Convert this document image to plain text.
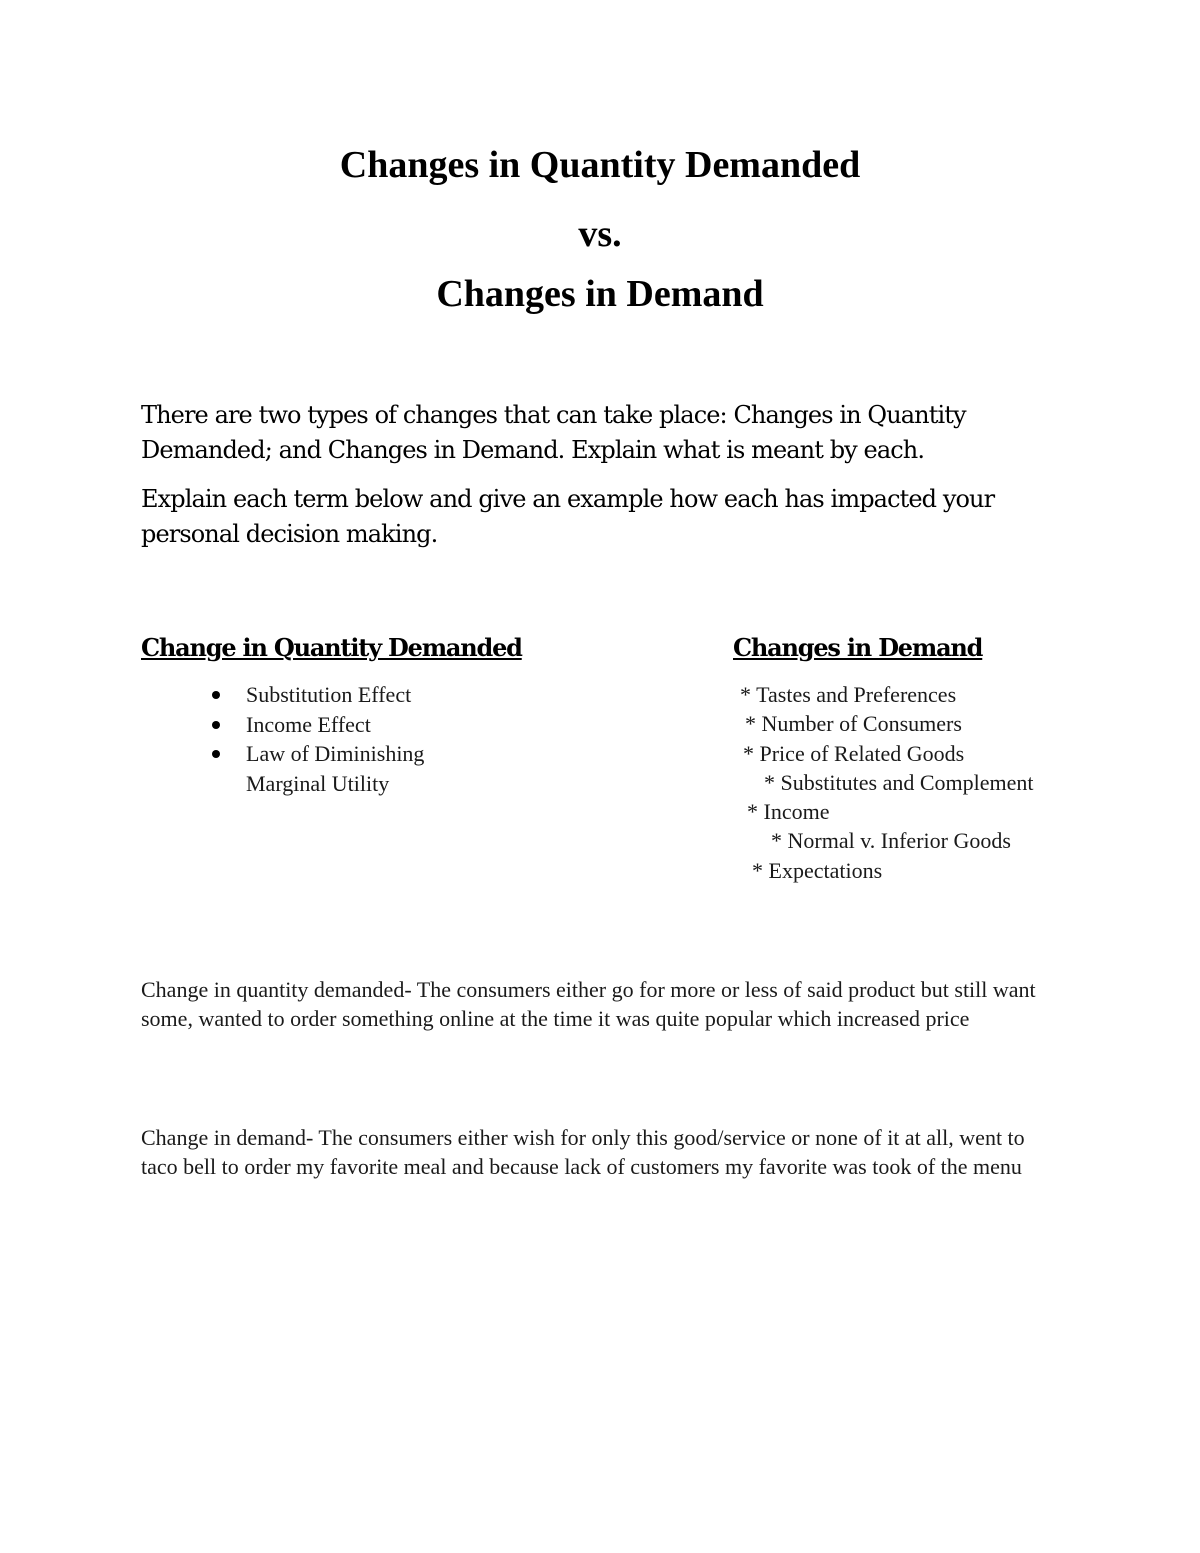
Changes in Quantity Demanded
vs.
Changes in Demand

There are two types of changes that can take place: Changes in Quantity Demanded; and Changes in Demand. Explain what is meant by each.

Explain each term below and give an example how each has impacted your personal decision making.

Change in Quantity Demanded	Changes in Demand
Substitution Effect
Income Effect
Law of Diminishing Marginal Utility
* Tastes and Preferences
* Number of Consumers
* Price of Related Goods
* Substitutes and Complement
* Income
* Normal v. Inferior Goods
* Expectations

Change in quantity demanded- The consumers either go for more or less of said product but still want some, wanted to order something online at the time it was quite popular which increased price

Change in demand- The consumers either wish for only this good/service or none of it at all, went to taco bell to order my favorite meal and because lack of customers my favorite was took of the menu
